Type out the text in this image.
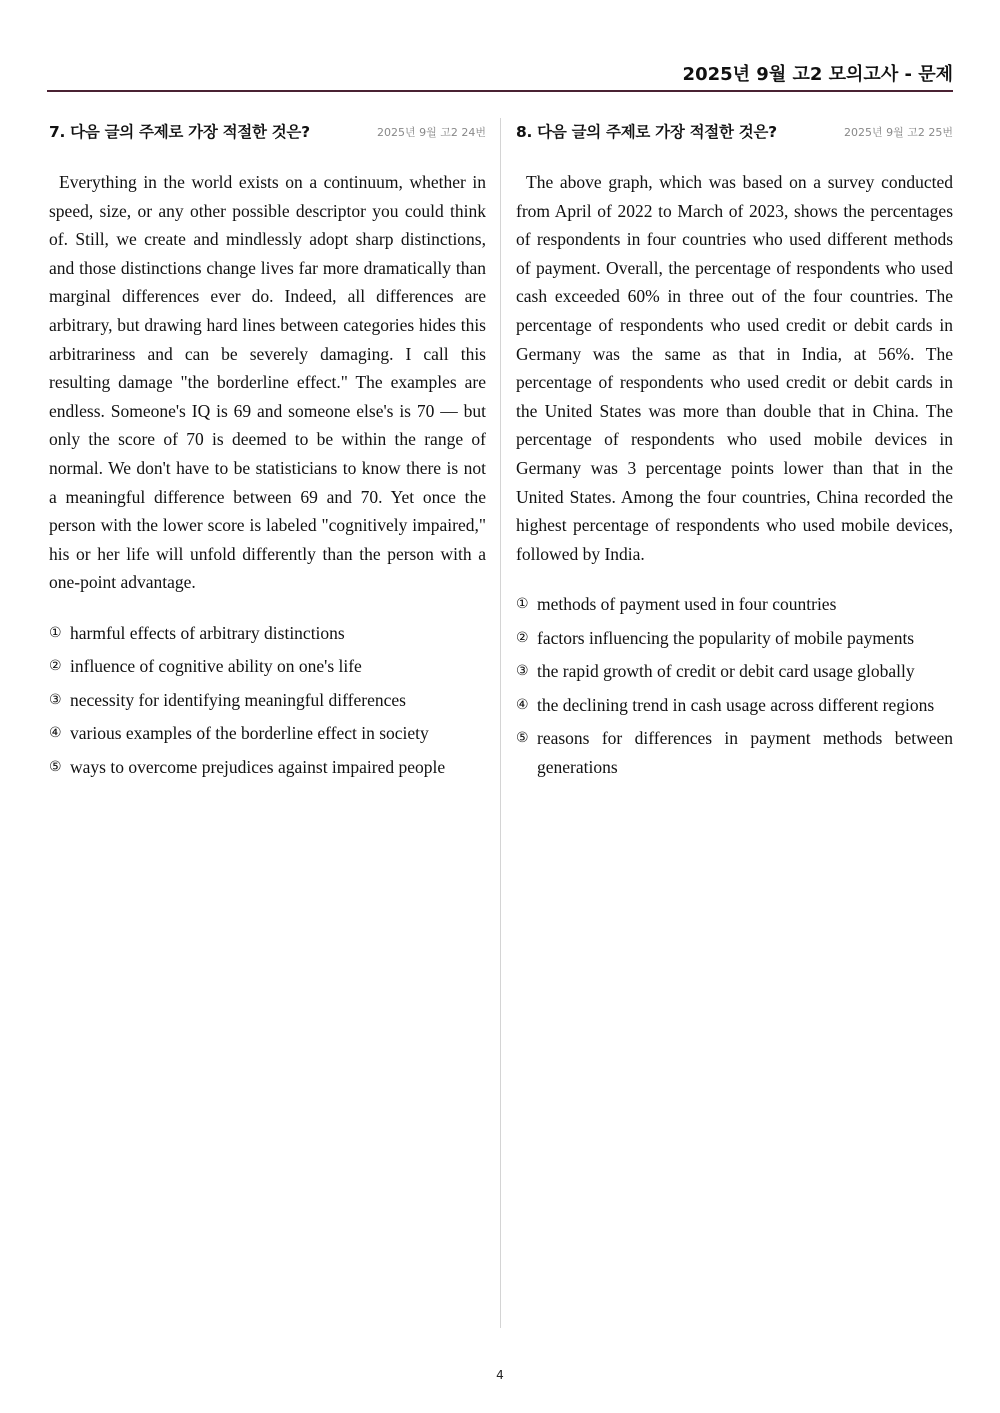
2025년 9월 고2 모의고사 - 문제
7. 다음 글의 주제로 가장 적절한 것은?	2025년 9월 고2 24번
Everything in the world exists on a continuum, whether in speed, size, or any other possible descriptor you could think of. Still, we create and mindlessly adopt sharp distinctions, and those distinctions change lives far more dramatically than marginal differences ever do. Indeed, all differences are arbitrary, but drawing hard lines between categories hides this arbitrariness and can be severely damaging. I call this resulting damage "the borderline effect." The examples are endless. Someone's IQ is 69 and someone else's is 70 — but only the score of 70 is deemed to be within the range of normal. We don't have to be statisticians to know there is not a meaningful difference between 69 and 70. Yet once the person with the lower score is labeled "cognitively impaired," his or her life will unfold differently than the person with a one-point advantage.
① harmful effects of arbitrary distinctions
② influence of cognitive ability on one's life
③ necessity for identifying meaningful differences
④ various examples of the borderline effect in society
⑤ ways to overcome prejudices against impaired people
8. 다음 글의 주제로 가장 적절한 것은?	2025년 9월 고2 25번
The above graph, which was based on a survey conducted from April of 2022 to March of 2023, shows the percentages of respondents in four countries who used different methods of payment. Overall, the percentage of respondents who used cash exceeded 60% in three out of the four countries. The percentage of respondents who used credit or debit cards in Germany was the same as that in India, at 56%. The percentage of respondents who used credit or debit cards in the United States was more than double that in China. The percentage of respondents who used mobile devices in Germany was 3 percentage points lower than that in the United States. Among the four countries, China recorded the highest percentage of respondents who used mobile devices, followed by India.
① methods of payment used in four countries
② factors influencing the popularity of mobile payments
③ the rapid growth of credit or debit card usage globally
④ the declining trend in cash usage across different regions
⑤ reasons for differences in payment methods between generations
4
